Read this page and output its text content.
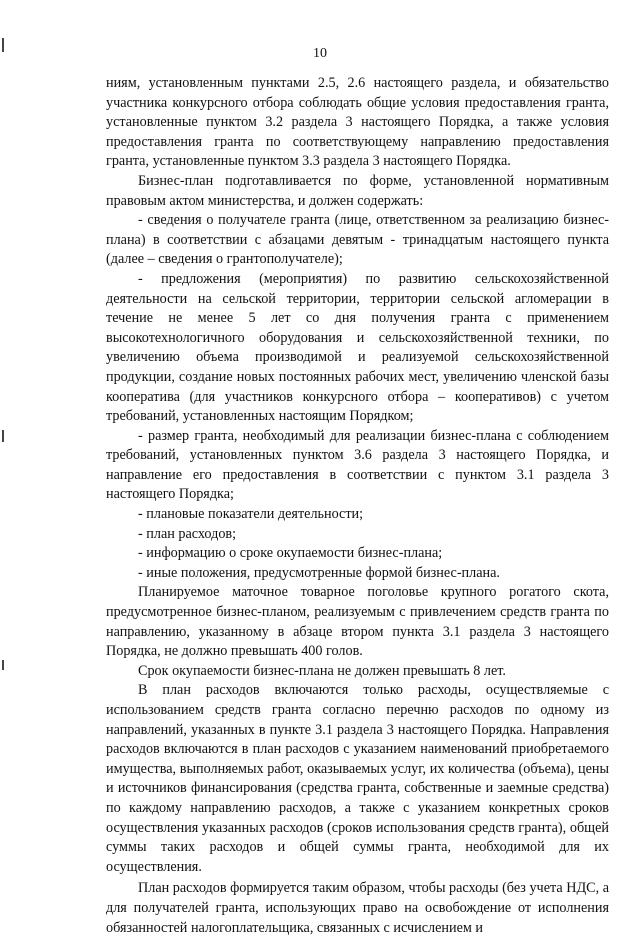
10

ниям, установленным пунктами 2.5, 2.6 настоящего раздела, и обязательство участника конкурсного отбора соблюдать общие условия предоставления гранта, установленные пунктом 3.2 раздела 3 настоящего Порядка, а также условия предоставления гранта по соответствующему направлению предоставления гранта, установленные пунктом 3.3 раздела 3 настоящего Порядка.

Бизнес-план подготавливается по форме, установленной нормативным правовым актом министерства, и должен содержать:

- сведения о получателе гранта (лице, ответственном за реализацию бизнес-плана) в соответствии с абзацами девятым - тринадцатым настоящего пункта (далее – сведения о грантополучателе);

- предложения (мероприятия) по развитию сельскохозяйственной деятельности на сельской территории, территории сельской агломерации в течение не менее 5 лет со дня получения гранта с применением высокотехнологичного оборудования и сельскохозяйственной техники, по увеличению объема производимой и реализуемой сельскохозяйственной продукции, создание новых постоянных рабочих мест, увеличению членской базы кооператива (для участников конкурсного отбора – кооперативов) с учетом требований, установленных настоящим Порядком;

- размер гранта, необходимый для реализации бизнес-плана с соблюдением требований, установленных пунктом 3.6 раздела 3 настоящего Порядка, и направление его предоставления в соответствии с пунктом 3.1 раздела 3 настоящего Порядка;

- плановые показатели деятельности;

- план расходов;

- информацию о сроке окупаемости бизнес-плана;

- иные положения, предусмотренные формой бизнес-плана.

Планируемое маточное товарное поголовье крупного рогатого скота, предусмотренное бизнес-планом, реализуемым с привлечением средств гранта по направлению, указанному в абзаце втором пункта 3.1 раздела 3 настоящего Порядка, не должно превышать 400 голов.

Срок окупаемости бизнес-плана не должен превышать 8 лет.

В план расходов включаются только расходы, осуществляемые с использованием средств гранта согласно перечню расходов по одному из направлений, указанных в пункте 3.1 раздела 3 настоящего Порядка. Направления расходов включаются в план расходов с указанием наименований приобретаемого имущества, выполняемых работ, оказываемых услуг, их количества (объема), цены и источников финансирования (средства гранта, собственные и заемные средства) по каждому направлению расходов, а также с указанием конкретных сроков осуществления указанных расходов (сроков использования средств гранта), общей суммы таких расходов и общей суммы гранта, необходимой для их осуществления.

План расходов формируется таким образом, чтобы расходы (без учета НДС, а для получателей гранта, использующих право на освобождение от исполнения обязанностей налогоплательщика, связанных с исчислением и
